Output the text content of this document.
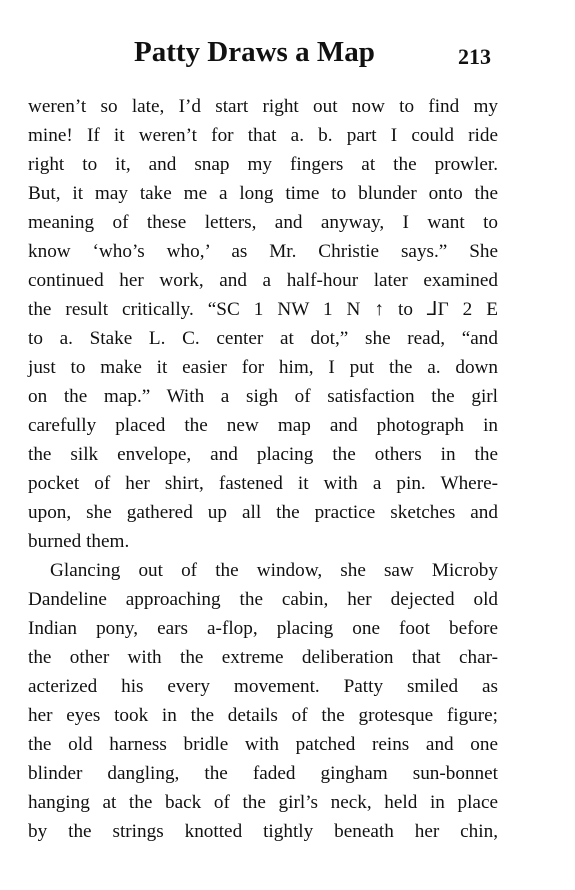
Patty Draws a Map	213
weren’t so late, I’d start right out now to find my
mine! If it weren’t for that a. b. part I could ride
right to it, and snap my fingers at the prowler.
But, it may take me a long time to blunder onto the
meaning of these letters, and anyway, I want to
know ‘who’s who,’ as Mr. Christie says.” She
continued her work, and a half-hour later examined
the result critically. “SC 1 NW 1 N ↑ to ⅃Γ 2 E
to a. Stake L. C. center at dot,” she read, “and
just to make it easier for him, I put the a. down
on the map.” With a sigh of satisfaction the girl
carefully placed the new map and photograph in
the silk envelope, and placing the others in the
pocket of her shirt, fastened it with a pin. Where-
upon, she gathered up all the practice sketches and
burned them.
Glancing out of the window, she saw Microby
Dandeline approaching the cabin, her dejected old
Indian pony, ears a-flop, placing one foot before
the other with the extreme deliberation that char-
acterized his every movement. Patty smiled as
her eyes took in the details of the grotesque figure;
the old harness bridle with patched reins and one
blinder dangling, the faded gingham sun-bonnet
hanging at the back of the girl’s neck, held in place
by the strings knotted tightly beneath her chin,
